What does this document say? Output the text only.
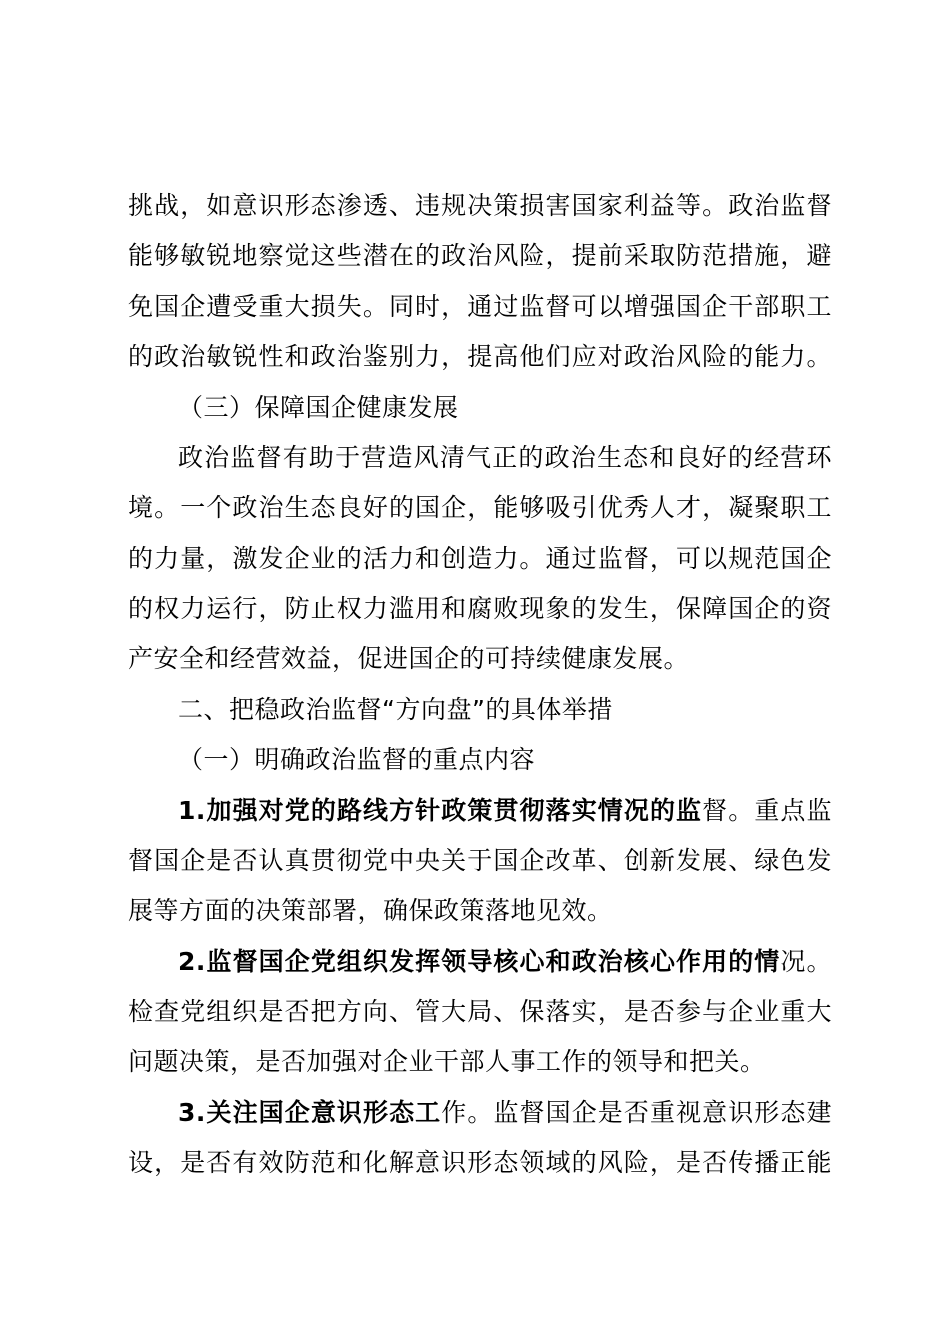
挑战，如意识形态渗透、违规决策损害国家利益等。政治监督
能够敏锐地察觉这些潜在的政治风险，提前采取防范措施，避
免国企遭受重大损失。同时，通过监督可以增强国企干部职工
的政治敏锐性和政治鉴别力，提高他们应对政治风险的能力。
（三）保障国企健康发展
政治监督有助于营造风清气正的政治生态和良好的经营环
境。一个政治生态良好的国企，能够吸引优秀人才，凝聚职工
的力量，激发企业的活力和创造力。通过监督，可以规范国企
的权力运行，防止权力滥用和腐败现象的发生，保障国企的资
产安全和经营效益，促进国企的可持续健康发展。
二、把稳政治监督“方向盘”的具体举措
（一）明确政治监督的重点内容
1.加强对党的路线方针政策贯彻落实情况的监督。重点监
督国企是否认真贯彻党中央关于国企改革、创新发展、绿色发
展等方面的决策部署，确保政策落地见效。
2.监督国企党组织发挥领导核心和政治核心作用的情况。
检查党组织是否把方向、管大局、保落实，是否参与企业重大
问题决策，是否加强对企业干部人事工作的领导和把关。
3.关注国企意识形态工作。监督国企是否重视意识形态建
设，是否有效防范和化解意识形态领域的风险，是否传播正能
